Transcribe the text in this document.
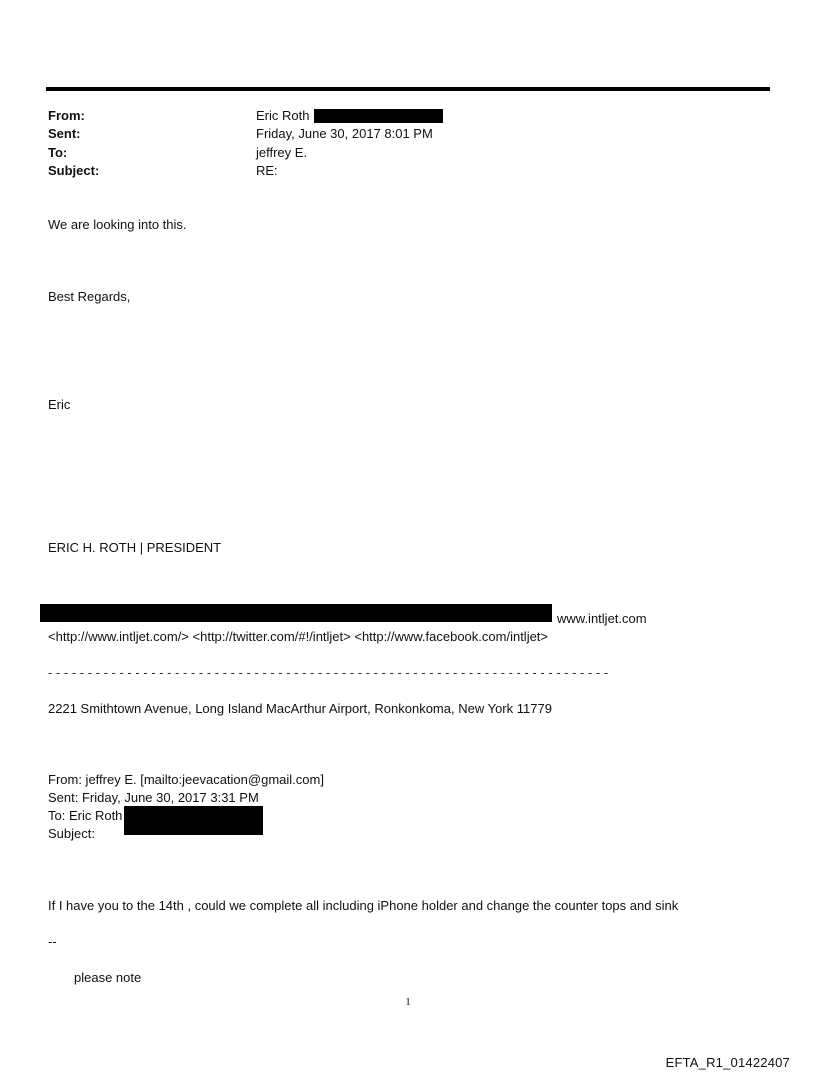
From:	Eric Roth
Sent:	Friday, June 30, 2017 8:01 PM
To:	jeffrey E.
Subject:	RE:
We are looking into this.
Best Regards,
Eric
ERIC H. ROTH | PRESIDENT
www.intljet.com
<http://www.intljet.com/> <http://twitter.com/#!/intljet> <http://www.facebook.com/intljet>
- - - - - - - - - - - - - - - - - - - - - - - - - - - - - - - - - - - - - - - - - - - - - - - - - - - - - - - - - - - - - - - - - - - - - - -
2221 Smithtown Avenue, Long Island MacArthur Airport, Ronkonkoma, New York 11779
From: jeffrey E. [mailto:jeevacation@gmail.com]
Sent: Friday, June 30, 2017 3:31 PM
To: Eric Roth
Subject:
If I have you to the 14th , could we complete all including iPhone holder and change the counter tops and sink
--
please note
1
EFTA_R1_01422407
